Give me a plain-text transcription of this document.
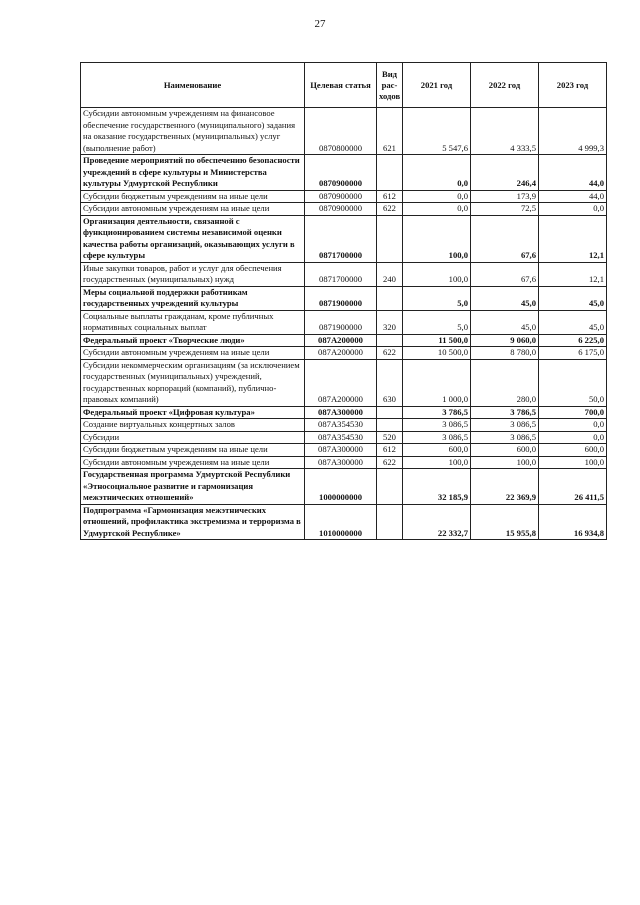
27
Наименование	Целевая статья	Вид рас-ходов	2021 год	2022 год	2023 год
Субсидии автономным учреждениям на финансовое обеспечение государственного (муниципального) задания на оказание государственных (муниципальных) услуг (выполнение работ)	0870800000	621	5 547,6	4 333,5	4 999,3
Проведение мероприятий по обеспечению безопасности учреждений в сфере культуры и Министерства культуры Удмуртской Республики	0870900000		0,0	246,4	44,0
Субсидии бюджетным учреждениям на иные цели	0870900000	612	0,0	173,9	44,0
Субсидии автономным учреждениям на иные цели	0870900000	622	0,0	72,5	0,0
Организация деятельности, связанной с функционированием системы независимой оценки качества работы организаций, оказывающих услуги в сфере культуры	0871700000		100,0	67,6	12,1
Иные закупки товаров, работ и услуг для обеспечения государственных (муниципальных) нужд	0871700000	240	100,0	67,6	12,1
Меры социальной поддержки работникам государственных учреждений культуры	0871900000		5,0	45,0	45,0
Социальные выплаты гражданам, кроме публичных нормативных социальных выплат	0871900000	320	5,0	45,0	45,0
Федеральный проект «Творческие люди»	087A200000		11 500,0	9 060,0	6 225,0
Субсидии автономным учреждениям на иные цели	087A200000	622	10 500,0	8 780,0	6 175,0
Субсидии некоммерческим организациям (за исключением государственных (муниципальных) учреждений, государственных корпораций (компаний), публично-правовых компаний)	087A200000	630	1 000,0	280,0	50,0
Федеральный проект «Цифровая культура»	087A300000		3 786,5	3 786,5	700,0
Создание виртуальных концертных залов	087A354530		3 086,5	3 086,5	0,0
Субсидии	087A354530	520	3 086,5	3 086,5	0,0
Субсидии бюджетным учреждениям на иные цели	087A300000	612	600,0	600,0	600,0
Субсидии автономным учреждениям на иные цели	087A300000	622	100,0	100,0	100,0
Государственная программа Удмуртской Республики «Этносоциальное развитие и гармонизация межэтнических отношений»	1000000000		32 185,9	22 369,9	26 411,5
Подпрограмма «Гармонизация межэтнических отношений, профилактика экстремизма и терроризма в Удмуртской Республике»	1010000000		22 332,7	15 955,8	16 934,8
